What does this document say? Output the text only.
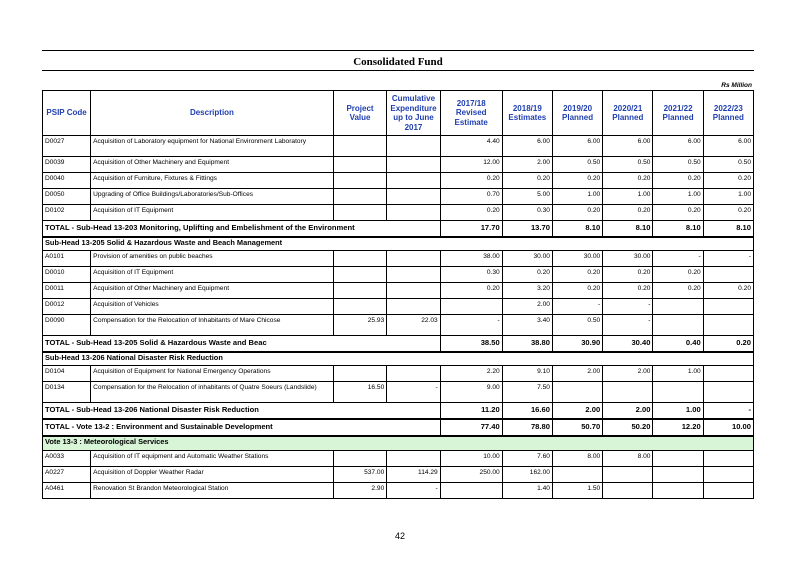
Consolidated Fund
Rs Million
PSIP Code	Description	Project Value	Cumulative Expenditure up to June 2017	2017/18 Revised Estimate	2018/19 Estimates	2019/20 Planned	2020/21 Planned	2021/22 Planned	2022/23 Planned
D0027	Acquisition of Laboratory equipment for National Environment Laboratory			4.40	6.00	6.00	6.00	6.00	6.00
D0039	Acquisition of Other Machinery and Equipment			12.00	2.00	0.50	0.50	0.50	0.50
D0040	Acquisition of Furniture, Fixtures & Fittings			0.20	0.20	0.20	0.20	0.20	0.20
D0050	Upgrading of Office Buildings/Laboratories/Sub-Offices			0.70	5.00	1.00	1.00	1.00	1.00
D0102	Acquisition of IT Equipment			0.20	0.30	0.20	0.20	0.20	0.20
TOTAL - Sub-Head 13-203 Monitoring, Uplifting and Embelishment of the Environment				17.70	13.70	8.10	8.10	8.10	8.10
Sub-Head 13-205 Solid & Hazardous Waste and Beach Management									
A0101	Provision of amenities on public beaches			38.00	30.00	30.00	30.00	-	-
D0010	Acquisition of IT Equipment			0.30	0.20	0.20	0.20	0.20	
D0011	Acquisition of Other Machinery and Equipment			0.20	3.20	0.20	0.20	0.20	0.20
D0012	Acquisition of Vehicles				2.00	-	-		
D0090	Compensation for the Relocation of Inhabitants of Mare Chicose	25.93	22.03	-	3.40	0.50	-		
TOTAL - Sub-Head 13-205 Solid & Hazardous Waste and Beac				38.50	38.80	30.90	30.40	0.40	0.20
Sub-Head 13-206 National Disaster Risk Reduction									
D0104	Acquisition of Equipment for National Emergency Operations			2.20	9.10	2.00	2.00	1.00	
D0134	Compensation for the Relocation of inhabitants of Quatre Soeurs (Landslide)	16.50	-	9.00	7.50				
TOTAL - Sub-Head 13-206 National Disaster Risk Reduction				11.20	16.60	2.00	2.00	1.00	-
TOTAL - Vote 13-2 : Environment and Sustainable Development				77.40	78.80	50.70	50.20	12.20	10.00
Vote 13-3 : Meteorological Services									
A0033	Acquisition of IT equipment and Automatic Weather Stations			10.00	7.60	8.00	8.00		
A0227	Acquisition of Doppler Weather Radar	537.00	114.29	250.00	162.00				
A0461	Renovation St Brandon Meteorological Station	2.90	-		1.40	1.50			
42
